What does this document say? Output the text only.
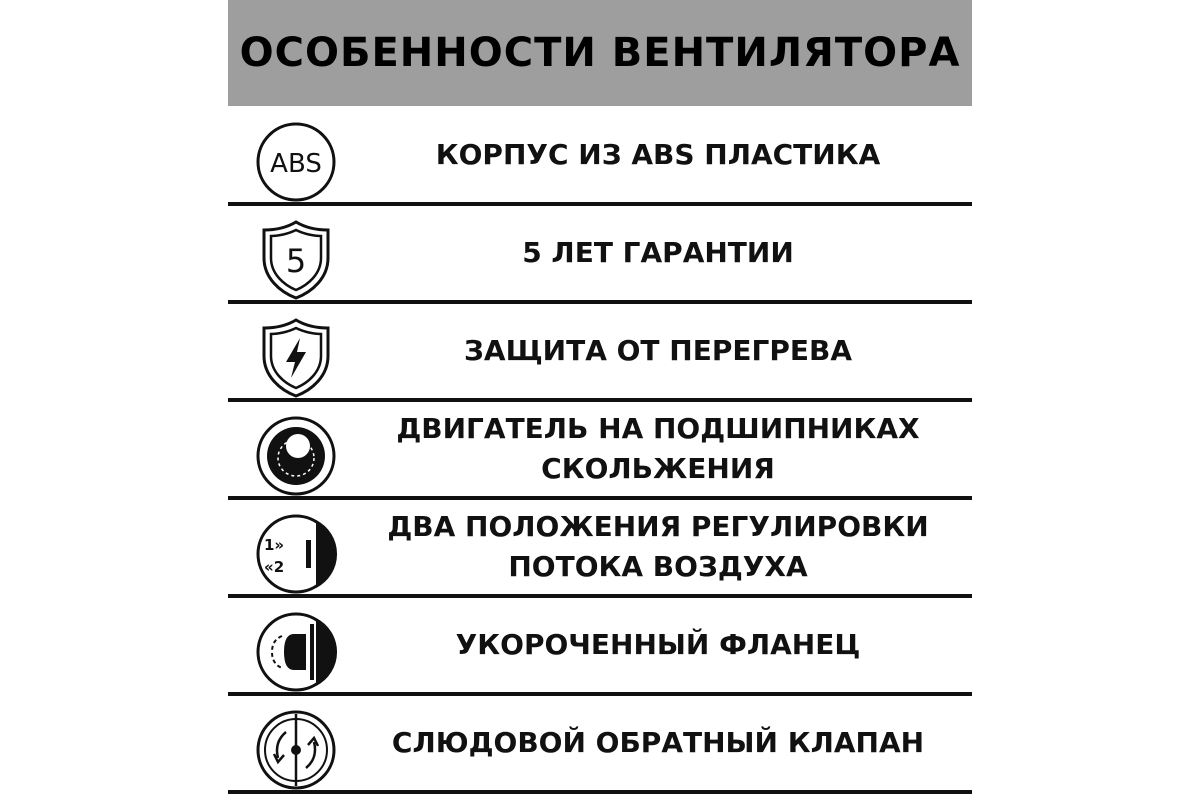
ОСОБЕННОСТИ ВЕНТИЛЯТОРА
ABS	КОРПУС ИЗ ABS ПЛАСТИКА
5	5 ЛЕТ ГАРАНТИИ
ЗАЩИТА ОТ ПЕРЕГРЕВА
ДВИГАТЕЛЬ НА ПОДШИПНИКАХ
СКОЛЬЖЕНИЯ
1»
«2
ДВА ПОЛОЖЕНИЯ РЕГУЛИРОВКИ
ПОТОКА ВОЗДУХА
УКОРОЧЕННЫЙ ФЛАНЕЦ
СЛЮДОВОЙ ОБРАТНЫЙ КЛАПАН
